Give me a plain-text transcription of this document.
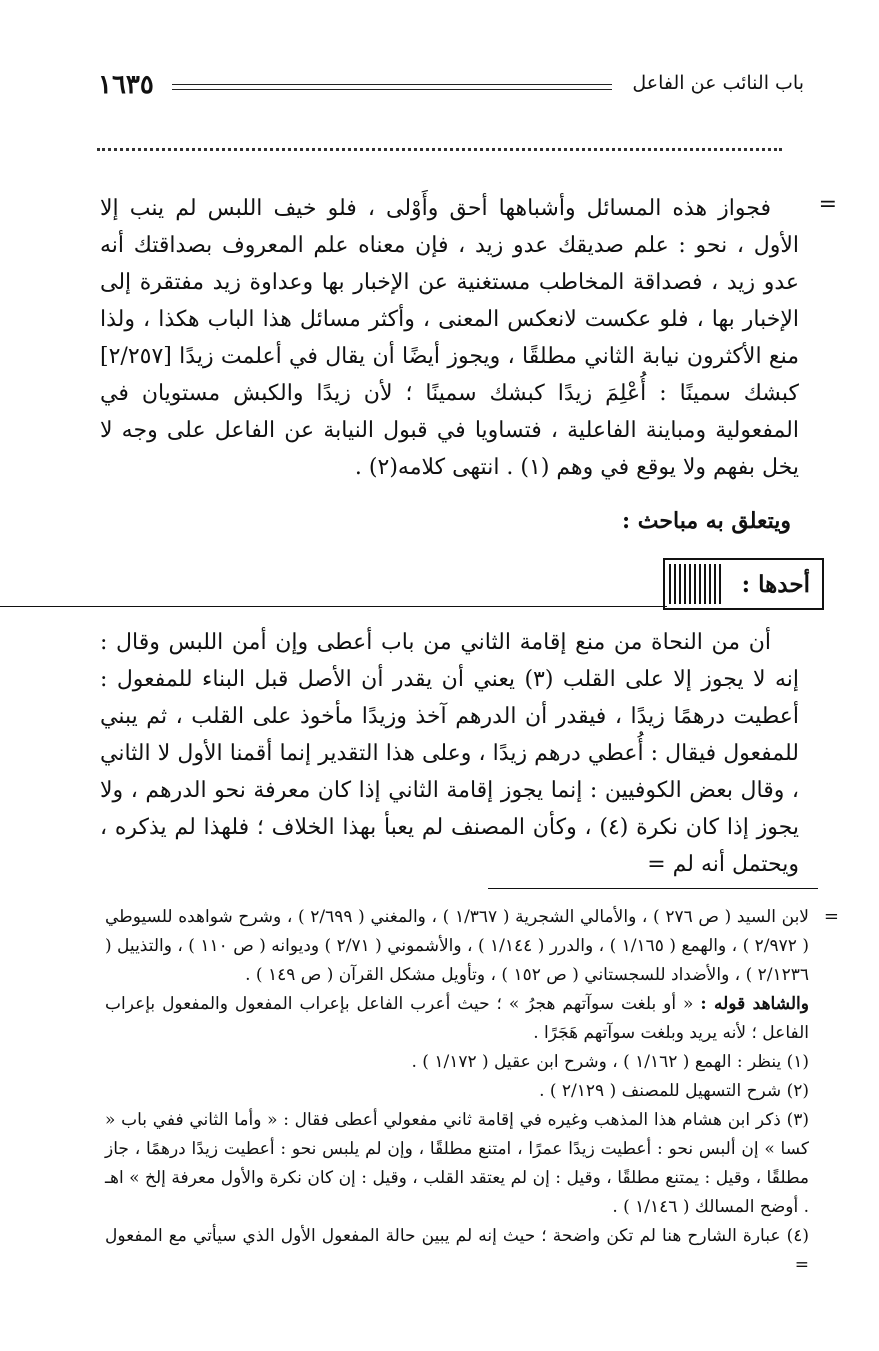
١٦٣٥	باب النائب عن الفاعل
=

فجواز هذه المسائل وأشباهها أحق وأَوْلى ، فلو خيف اللبس لم ينب إلا الأول ، نحو : علم صديقك عدو زيد ، فإن معناه علم المعروف بصداقتك أنه عدو زيد ، فصداقة المخاطب مستغنية عن الإخبار بها وعداوة زيد مفتقرة إلى الإخبار بها ، فلو عكست لانعكس المعنى ، وأكثر مسائل هذا الباب هكذا ، ولذا منع الأكثرون نيابة الثاني مطلقًا ، ويجوز أيضًا أن يقال في أعلمت زيدًا [٢/٢٥٧] كبشك سمينًا : أُعْلِمَ زيدًا كبشك سمينًا ؛ لأن زيدًا والكبش مستويان في المفعولية ومباينة الفاعلية ، فتساويا في قبول النيابة عن الفاعل على وجه لا يخل بفهم ولا يوقع في وهم (١) . انتهى كلامه(٢) .

ويتعلق به مباحث :
أحدها :

أن من النحاة من منع إقامة الثاني من باب أعطى وإن أمن اللبس وقال : إنه لا يجوز إلا على القلب (٣) يعني أن يقدر أن الأصل قبل البناء للمفعول : أعطيت درهمًا زيدًا ، فيقدر أن الدرهم آخذ وزيدًا مأخوذ على القلب ، ثم يبني للمفعول فيقال : أُعطي درهم زيدًا ، وعلى هذا التقدير إنما أقمنا الأول لا الثاني ، وقال بعض الكوفيين : إنما يجوز إقامة الثاني إذا كان معرفة نحو الدرهم ، ولا يجوز إذا كان نكرة (٤) ، وكأن المصنف لم يعبأ بهذا الخلاف ؛ فلهذا لم يذكره ، ويحتمل أنه لم =

=

لابن السيد ( ص ٢٧٦ ) ، والأمالي الشجرية ( ١/٣٦٧ ) ، والمغني ( ٢/٦٩٩ ) ، وشرح شواهده للسيوطي ( ٢/٩٧٢ ) ، والهمع ( ١/١٦٥ ) ، والدرر ( ١/١٤٤ ) ، والأشموني ( ٢/٧١ ) وديوانه ( ص ١١٠ ) ، والتذييل ( ٢/١٢٣٦ ) ، والأضداد للسجستاني ( ص ١٥٢ ) ، وتأويل مشكل القرآن ( ص ١٤٩ ) .

والشاهد قوله : « أو بلغت سوآتهم هجرُ » ؛ حيث أعرب الفاعل بإعراب المفعول والمفعول بإعراب الفاعل ؛ لأنه يريد وبلغت سوآتهم هَجَرًا .

(١) ينظر : الهمع ( ١/١٦٢ ) ، وشرح ابن عقيل ( ١/١٧٢ ) .

(٢) شرح التسهيل للمصنف ( ٢/١٢٩ ) .

(٣) ذكر ابن هشام هذا المذهب وغيره في إقامة ثاني مفعولي أعطى فقال : « وأما الثاني ففي باب « كسا » إن ألبس نحو : أعطيت زيدًا عمرًا ، امتنع مطلقًا ، وإن لم يلبس نحو : أعطيت زيدًا درهمًا ، جاز مطلقًا ، وقيل : يمتنع مطلقًا ، وقيل : إن لم يعتقد القلب ، وقيل : إن كان نكرة والأول معرفة إلخ » اهـ . أوضح المسالك ( ١/١٤٦ ) .

(٤) عبارة الشارح هنا لم تكن واضحة ؛ حيث إنه لم يبين حالة المفعول الأول الذي سيأتي مع المفعول =
